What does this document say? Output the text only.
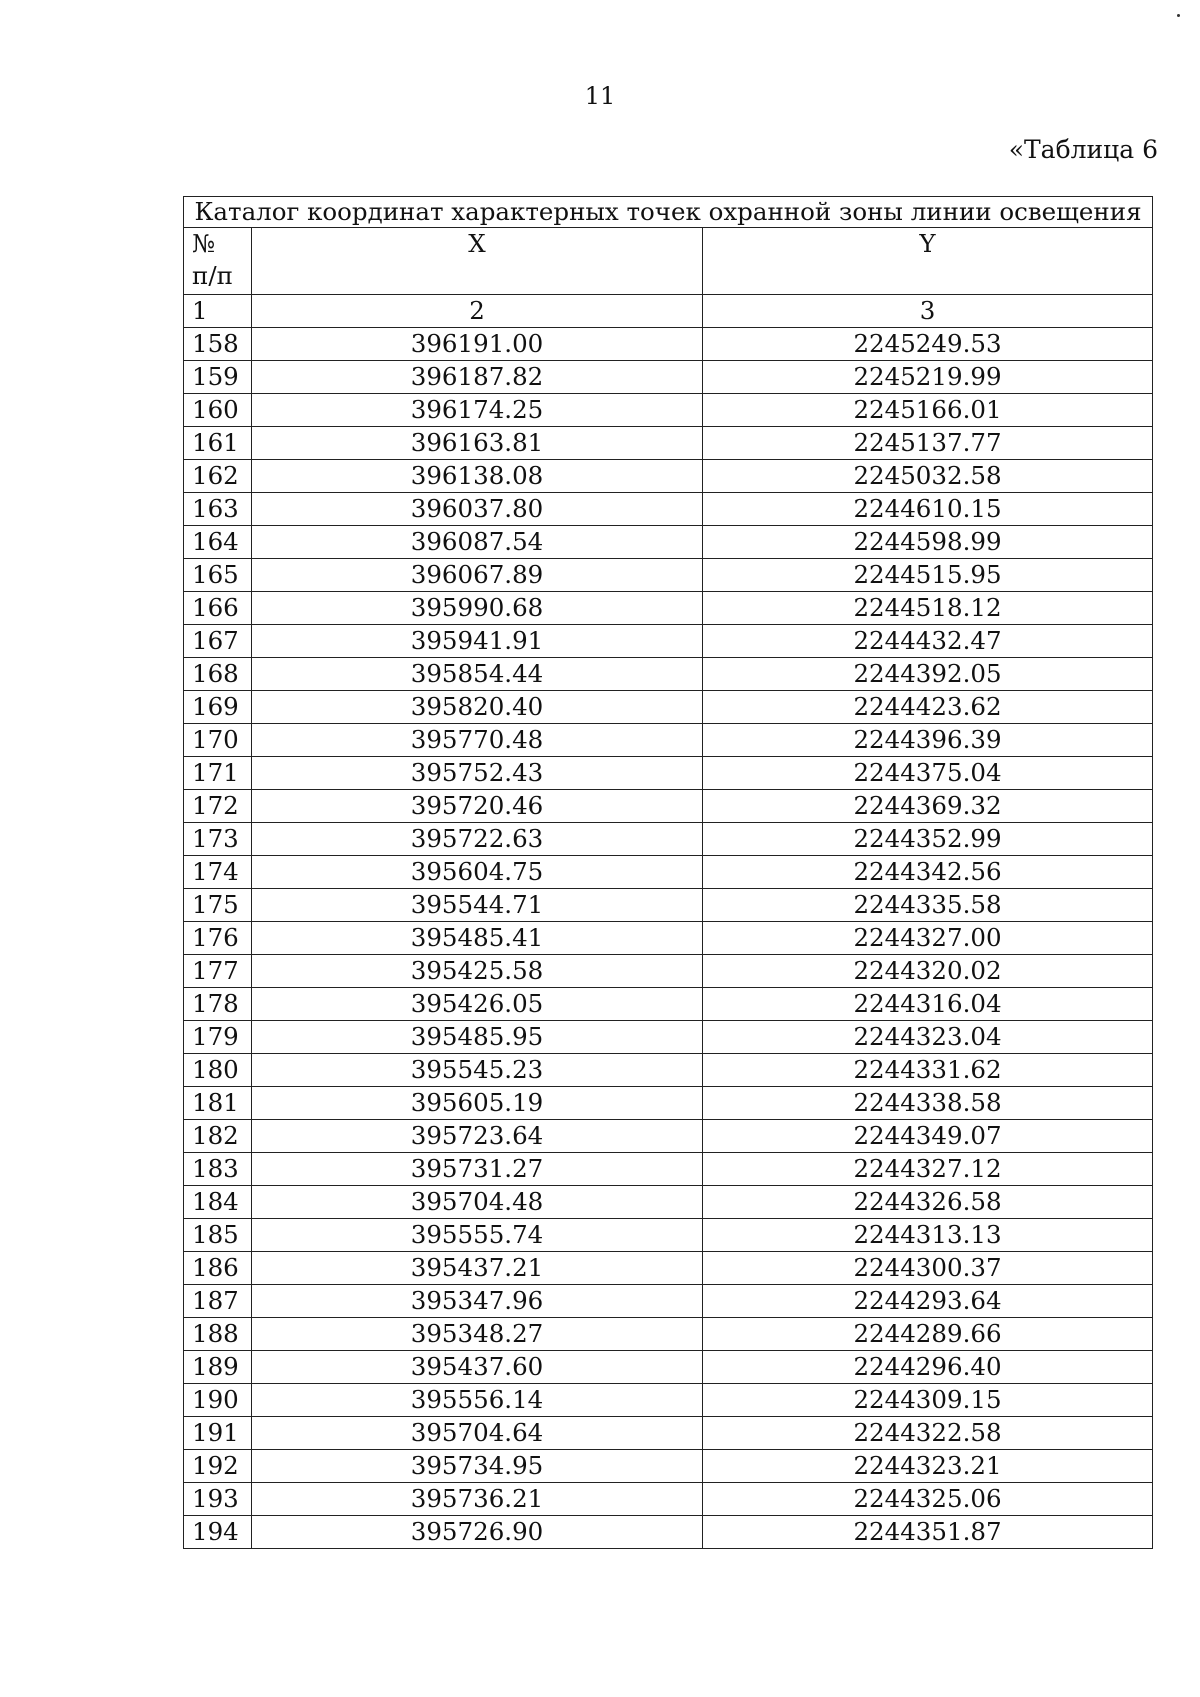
11
«Таблица 6
Каталог координат характерных точек охранной зоны линии освещения		

№
п/п	X	Y
1	2	3
158	396191.00	2245249.53
159	396187.82	2245219.99
160	396174.25	2245166.01
161	396163.81	2245137.77
162	396138.08	2245032.58
163	396037.80	2244610.15
164	396087.54	2244598.99
165	396067.89	2244515.95
166	395990.68	2244518.12
167	395941.91	2244432.47
168	395854.44	2244392.05
169	395820.40	2244423.62
170	395770.48	2244396.39
171	395752.43	2244375.04
172	395720.46	2244369.32
173	395722.63	2244352.99
174	395604.75	2244342.56
175	395544.71	2244335.58
176	395485.41	2244327.00
177	395425.58	2244320.02
178	395426.05	2244316.04
179	395485.95	2244323.04
180	395545.23	2244331.62
181	395605.19	2244338.58
182	395723.64	2244349.07
183	395731.27	2244327.12
184	395704.48	2244326.58
185	395555.74	2244313.13
186	395437.21	2244300.37
187	395347.96	2244293.64
188	395348.27	2244289.66
189	395437.60	2244296.40
190	395556.14	2244309.15
191	395704.64	2244322.58
192	395734.95	2244323.21
193	395736.21	2244325.06
194	395726.90	2244351.87
